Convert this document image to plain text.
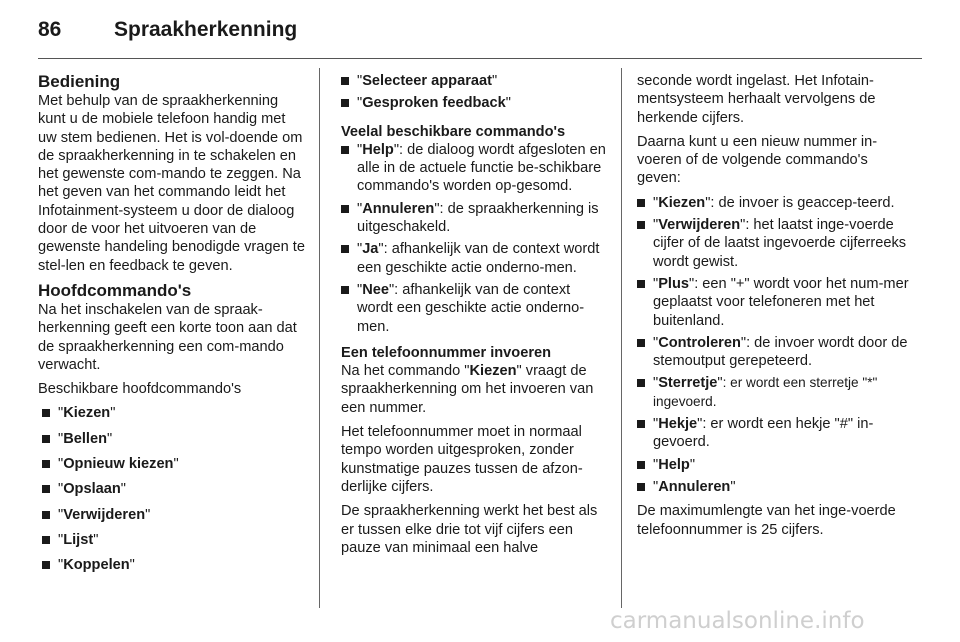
86	Spraakherkenning
Bediening

Met behulp van de spraakherkenning kunt u de mobiele telefoon handig met uw stem bedienen. Het is vol-doende om de spraakherkenning in te schakelen en het gewenste com-mando te zeggen. Na het geven van het commando leidt het Infotainment-systeem u door de dialoog door de voor het uitvoeren van de gewenste handeling benodigde vragen te stel-len en feedback te geven.

Hoofdcommando's

Na het inschakelen van de spraak-herkenning geeft een korte toon aan dat de spraakherkenning een com-mando verwacht.

Beschikbare hoofdcommando's

"Kiezen"
"Bellen"
"Opnieuw kiezen"
"Opslaan"
"Verwijderen"
"Lijst"
"Koppelen"
"Selecteer apparaat"
"Gesproken feedback"
Veelal beschikbare commando's
"Help": de dialoog wordt afgesloten en alle in de actuele functie be-schikbare commando's worden op-gesomd.
"Annuleren": de spraakherkenning is uitgeschakeld.
"Ja": afhankelijk van de context wordt een geschikte actie onderno-men.
"Nee": afhankelijk van de context wordt een geschikte actie onderno-men.
Een telefoonnummer invoeren

Na het commando "Kiezen" vraagt de spraakherkenning om het invoeren van een nummer.

Het telefoonnummer moet in normaal tempo worden uitgesproken, zonder kunstmatige pauzes tussen de afzon-derlijke cijfers.

De spraakherkenning werkt het best als er tussen elke drie tot vijf cijfers een pauze van minimaal een halve

seconde wordt ingelast. Het Infotain-mentsysteem herhaalt vervolgens de herkende cijfers.

Daarna kunt u een nieuw nummer in-voeren of de volgende commando's geven:

"Kiezen": de invoer is geaccep-teerd.
"Verwijderen": het laatst inge-voerde cijfer of de laatst ingevoerde cijferreeks wordt gewist.
"Plus": een "+" wordt voor het num-mer geplaatst voor telefoneren met het buitenland.
"Controleren": de invoer wordt door de stemoutput gerepeteerd.
"Sterretje": er wordt een sterretje "*" ingevoerd.
"Hekje": er wordt een hekje "#" in-gevoerd.
"Help"
"Annuleren"

De maximumlengte van het inge-voerde telefoonnummer is 25 cijfers.

carmanualsonline.info
